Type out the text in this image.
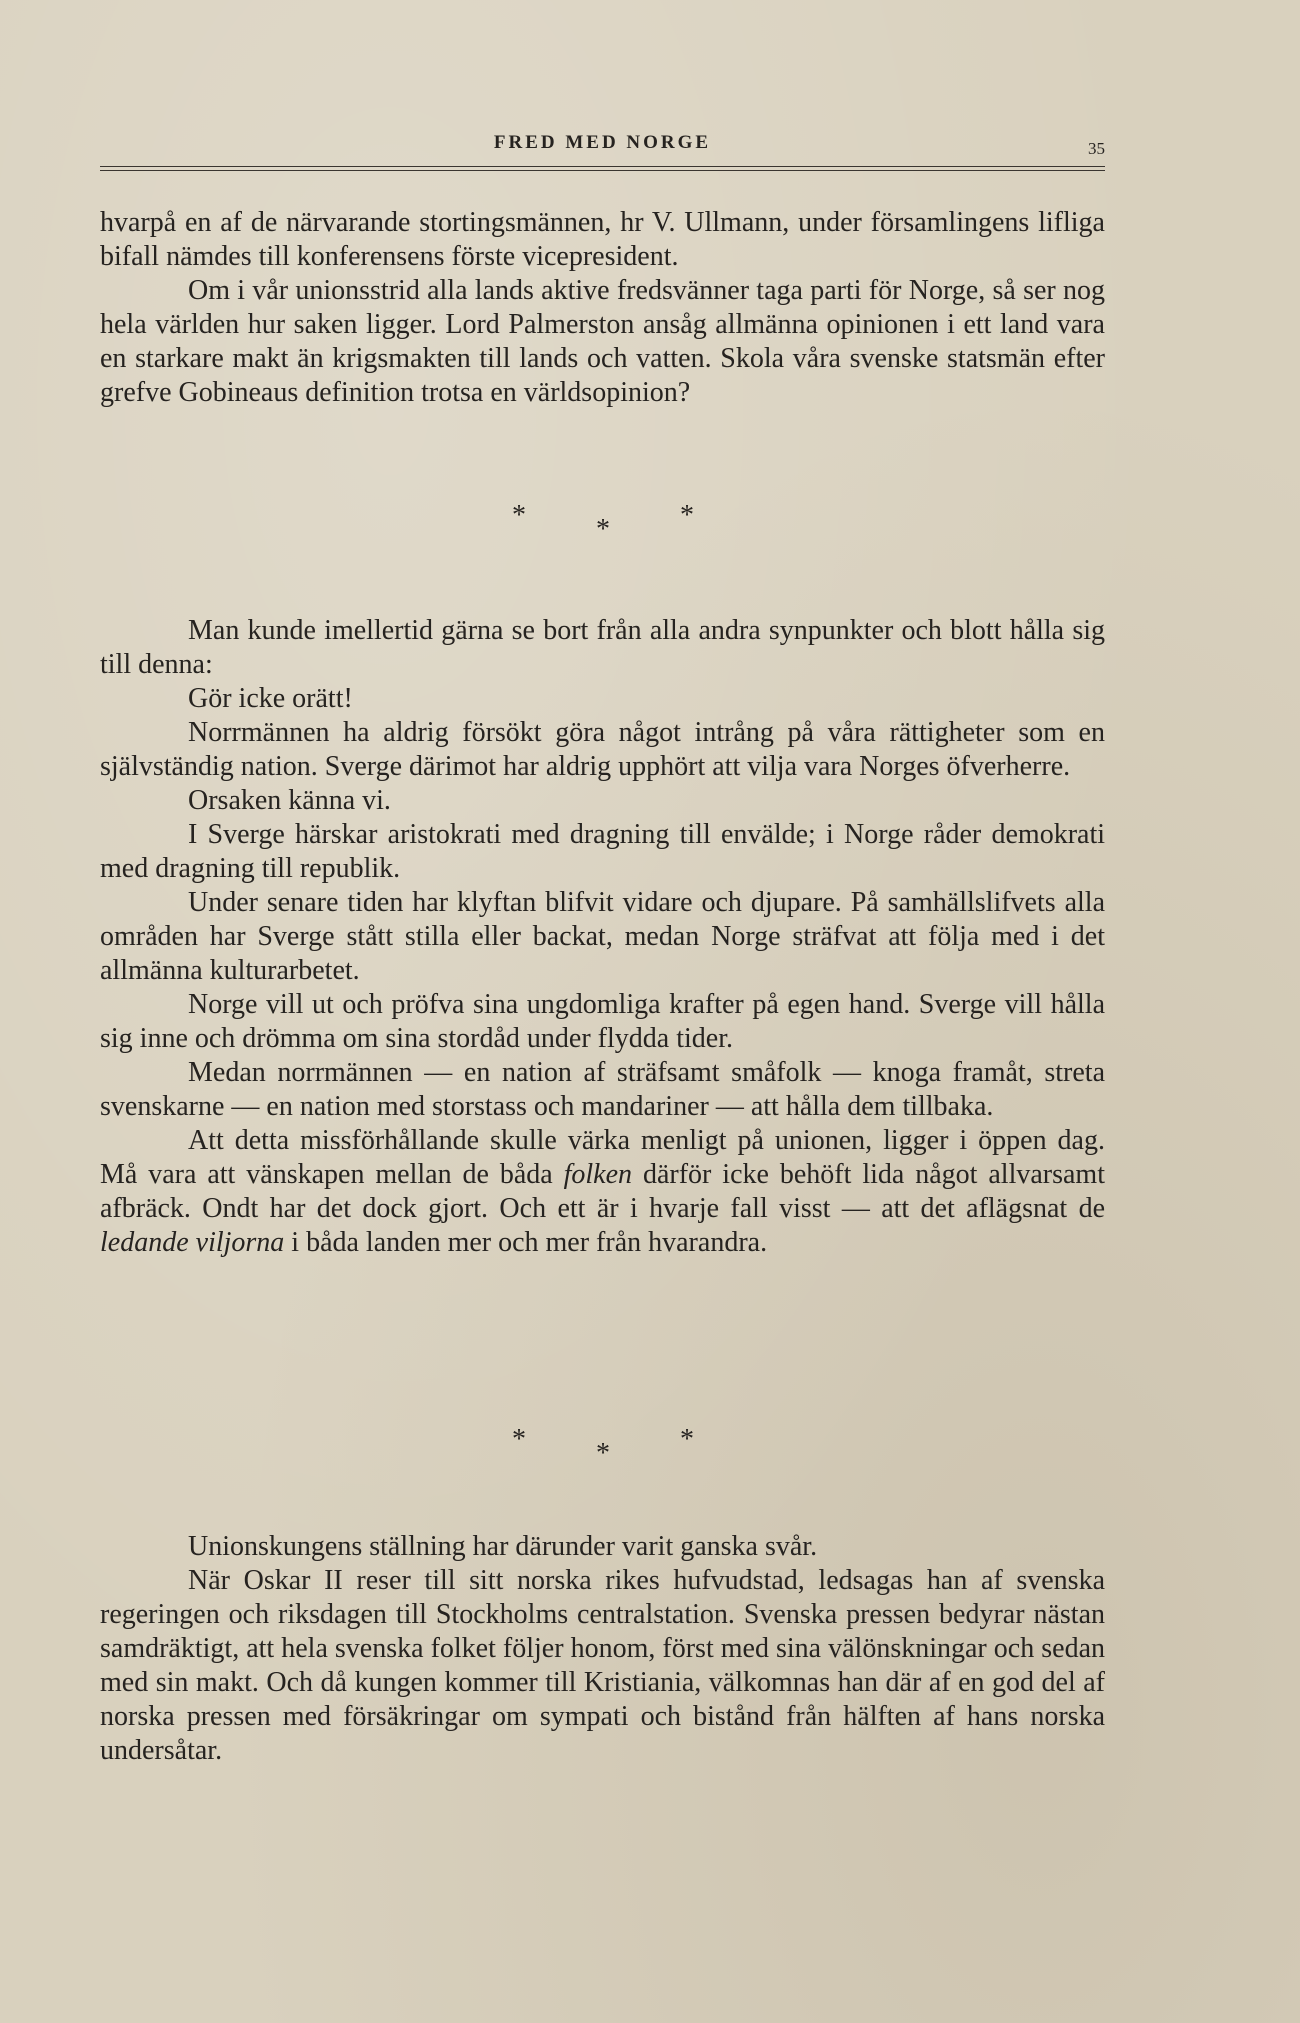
FRED MED NORGE	35

hvarpå en af de närvarande stortingsmännen, hr V. Ullmann, under församlingens lifliga bifall nämdes till konferensens förste vicepresident.

Om i vår unionsstrid alla lands aktive fredsvänner taga parti för Norge, så ser nog hela världen hur saken ligger. Lord Palmerston ansåg allmänna opinionen i ett land vara en starkare makt än krigsmakten till lands och vatten. Skola våra svenske statsmän efter grefve Gobineaus definition trotsa en världsopinion?

*	*	*

Man kunde imellertid gärna se bort från alla andra synpunkter och blott hålla sig till denna:

Gör icke orätt!

Norrmännen ha aldrig försökt göra något intrång på våra rättigheter som en självständig nation. Sverge därimot har aldrig upphört att vilja vara Norges öfverherre.

Orsaken känna vi.

I Sverge härskar aristokrati med dragning till envälde; i Norge råder demokrati med dragning till republik.

Under senare tiden har klyftan blifvit vidare och djupare. På samhällslifvets alla områden har Sverge stått stilla eller backat, medan Norge sträfvat att följa med i det allmänna kulturarbetet.

Norge vill ut och pröfva sina ungdomliga krafter på egen hand. Sverge vill hålla sig inne och drömma om sina stordåd under flydda tider.

Medan norrmännen — en nation af sträfsamt småfolk — knoga framåt, streta svenskarne — en nation med storstass och mandariner — att hålla dem tillbaka.

Att detta missförhållande skulle värka menligt på unionen, ligger i öppen dag. Må vara att vänskapen mellan de båda folken därför icke behöft lida något allvarsamt afbräck. Ondt har det dock gjort. Och ett är i hvarje fall visst — att det aflägsnat de ledande viljorna i båda landen mer och mer från hvarandra.

*	*	*

Unionskungens ställning har därunder varit ganska svår.

När Oskar II reser till sitt norska rikes hufvudstad, ledsagas han af svenska regeringen och riksdagen till Stockholms centralstation. Svenska pressen bedyrar nästan samdräktigt, att hela svenska folket följer honom, först med sina välönskningar och sedan med sin makt. Och då kungen kommer till Kristiania, välkomnas han där af en god del af norska pressen med försäkringar om sympati och bistånd från hälften af hans norska undersåtar.
